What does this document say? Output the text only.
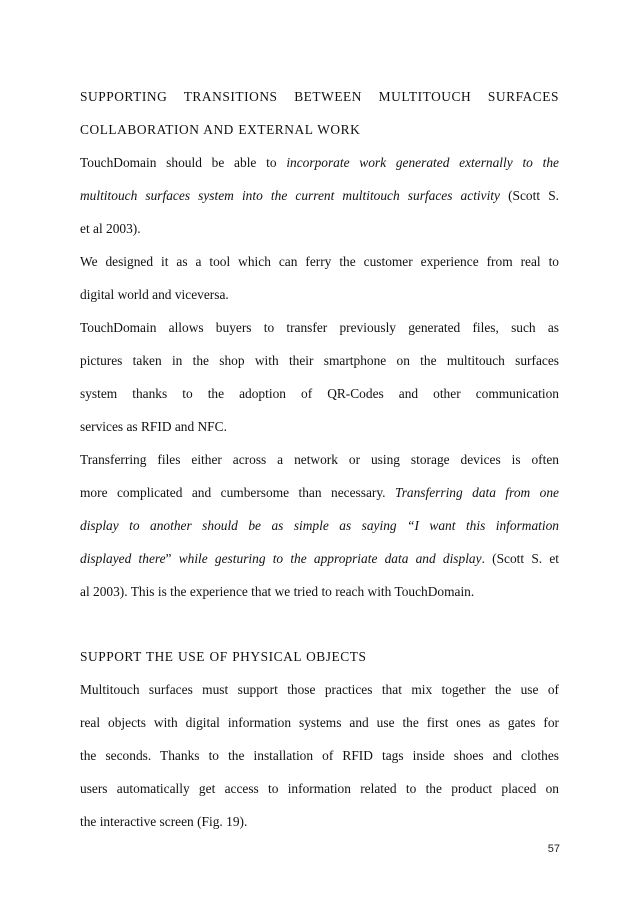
SUPPORTING TRANSITIONS BETWEEN MULTITOUCH SURFACES
COLLABORATION AND EXTERNAL WORK
TouchDomain should be able to incorporate work generated externally to the
multitouch surfaces system into the current multitouch surfaces activity (Scott S.
et al 2003).
We designed it as a tool which can ferry the customer experience from real to
digital world and viceversa.
TouchDomain allows buyers to transfer previously generated files, such as
pictures taken in the shop with their smartphone on the multitouch surfaces
system thanks to the adoption of QR-Codes and other communication
services as RFID and NFC.
Transferring files either across a network or using storage devices is often
more complicated and cumbersome than necessary. Transferring data from one
display to another should be as simple as saying “I want this information
displayed there” while gesturing to the appropriate data and display. (Scott S. et
al 2003). This is the experience that we tried to reach with TouchDomain.
SUPPORT THE USE OF PHYSICAL OBJECTS
Multitouch surfaces must support those practices that mix together the use of
real objects with digital information systems and use the first ones as gates for
the seconds. Thanks to the installation of RFID tags inside shoes and clothes
users automatically get access to information related to the product placed on
the interactive screen (Fig. 19).
57
